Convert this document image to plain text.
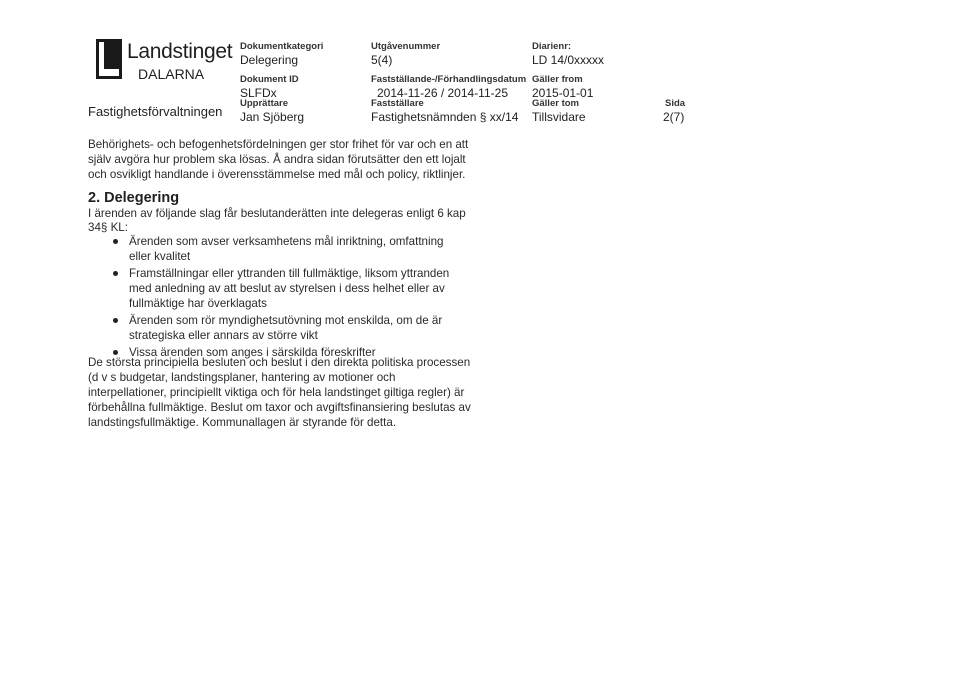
Landstinget
DALARNA
Fastighetsförvaltningen
Dokumentkategori
Delegering
Utgåvenummer
5(4)
Diarienr:
LD 14/0xxxxx
Dokument ID
SLFDx
Fastställande-/Förhandlingsdatum
2014-11-26 / 2014-11-25
Gäller from
2015-01-01
Upprättare
Jan Sjöberg
Fastställare
Fastighetsnämnden § xx/14
Gäller tom
Tillsvidare
Sida
2(7)
Behörighets- och befogenhetsfördelningen ger stor frihet för var och en att
själv avgöra hur problem ska lösas. Å andra sidan förutsätter den ett lojalt
och osvikligt handlande i överensstämmelse med mål och policy, riktlinjer.
2. Delegering
I ärenden av följande slag får beslutanderätten inte delegeras enligt 6 kap
34§ KL:
Ärenden som avser verksamhetens mål inriktning, omfattning eller kvalitet
Framställningar eller yttranden till fullmäktige, liksom yttranden med anledning av att beslut av styrelsen i dess helhet eller av fullmäktige har överklagats
Ärenden som rör myndighetsutövning mot enskilda, om de är strategiska eller annars av större vikt
Vissa ärenden som anges i särskilda föreskrifter
De största principiella besluten och beslut i den direkta politiska processen
(d v s budgetar, landstingsplaner, hantering av motioner och
interpellationer, principiellt viktiga och för hela landstinget giltiga regler) är
förbehållna fullmäktige. Beslut om taxor och avgiftsfinansiering beslutas av
landstingsfullmäktige. Kommunallagen är styrande för detta.
